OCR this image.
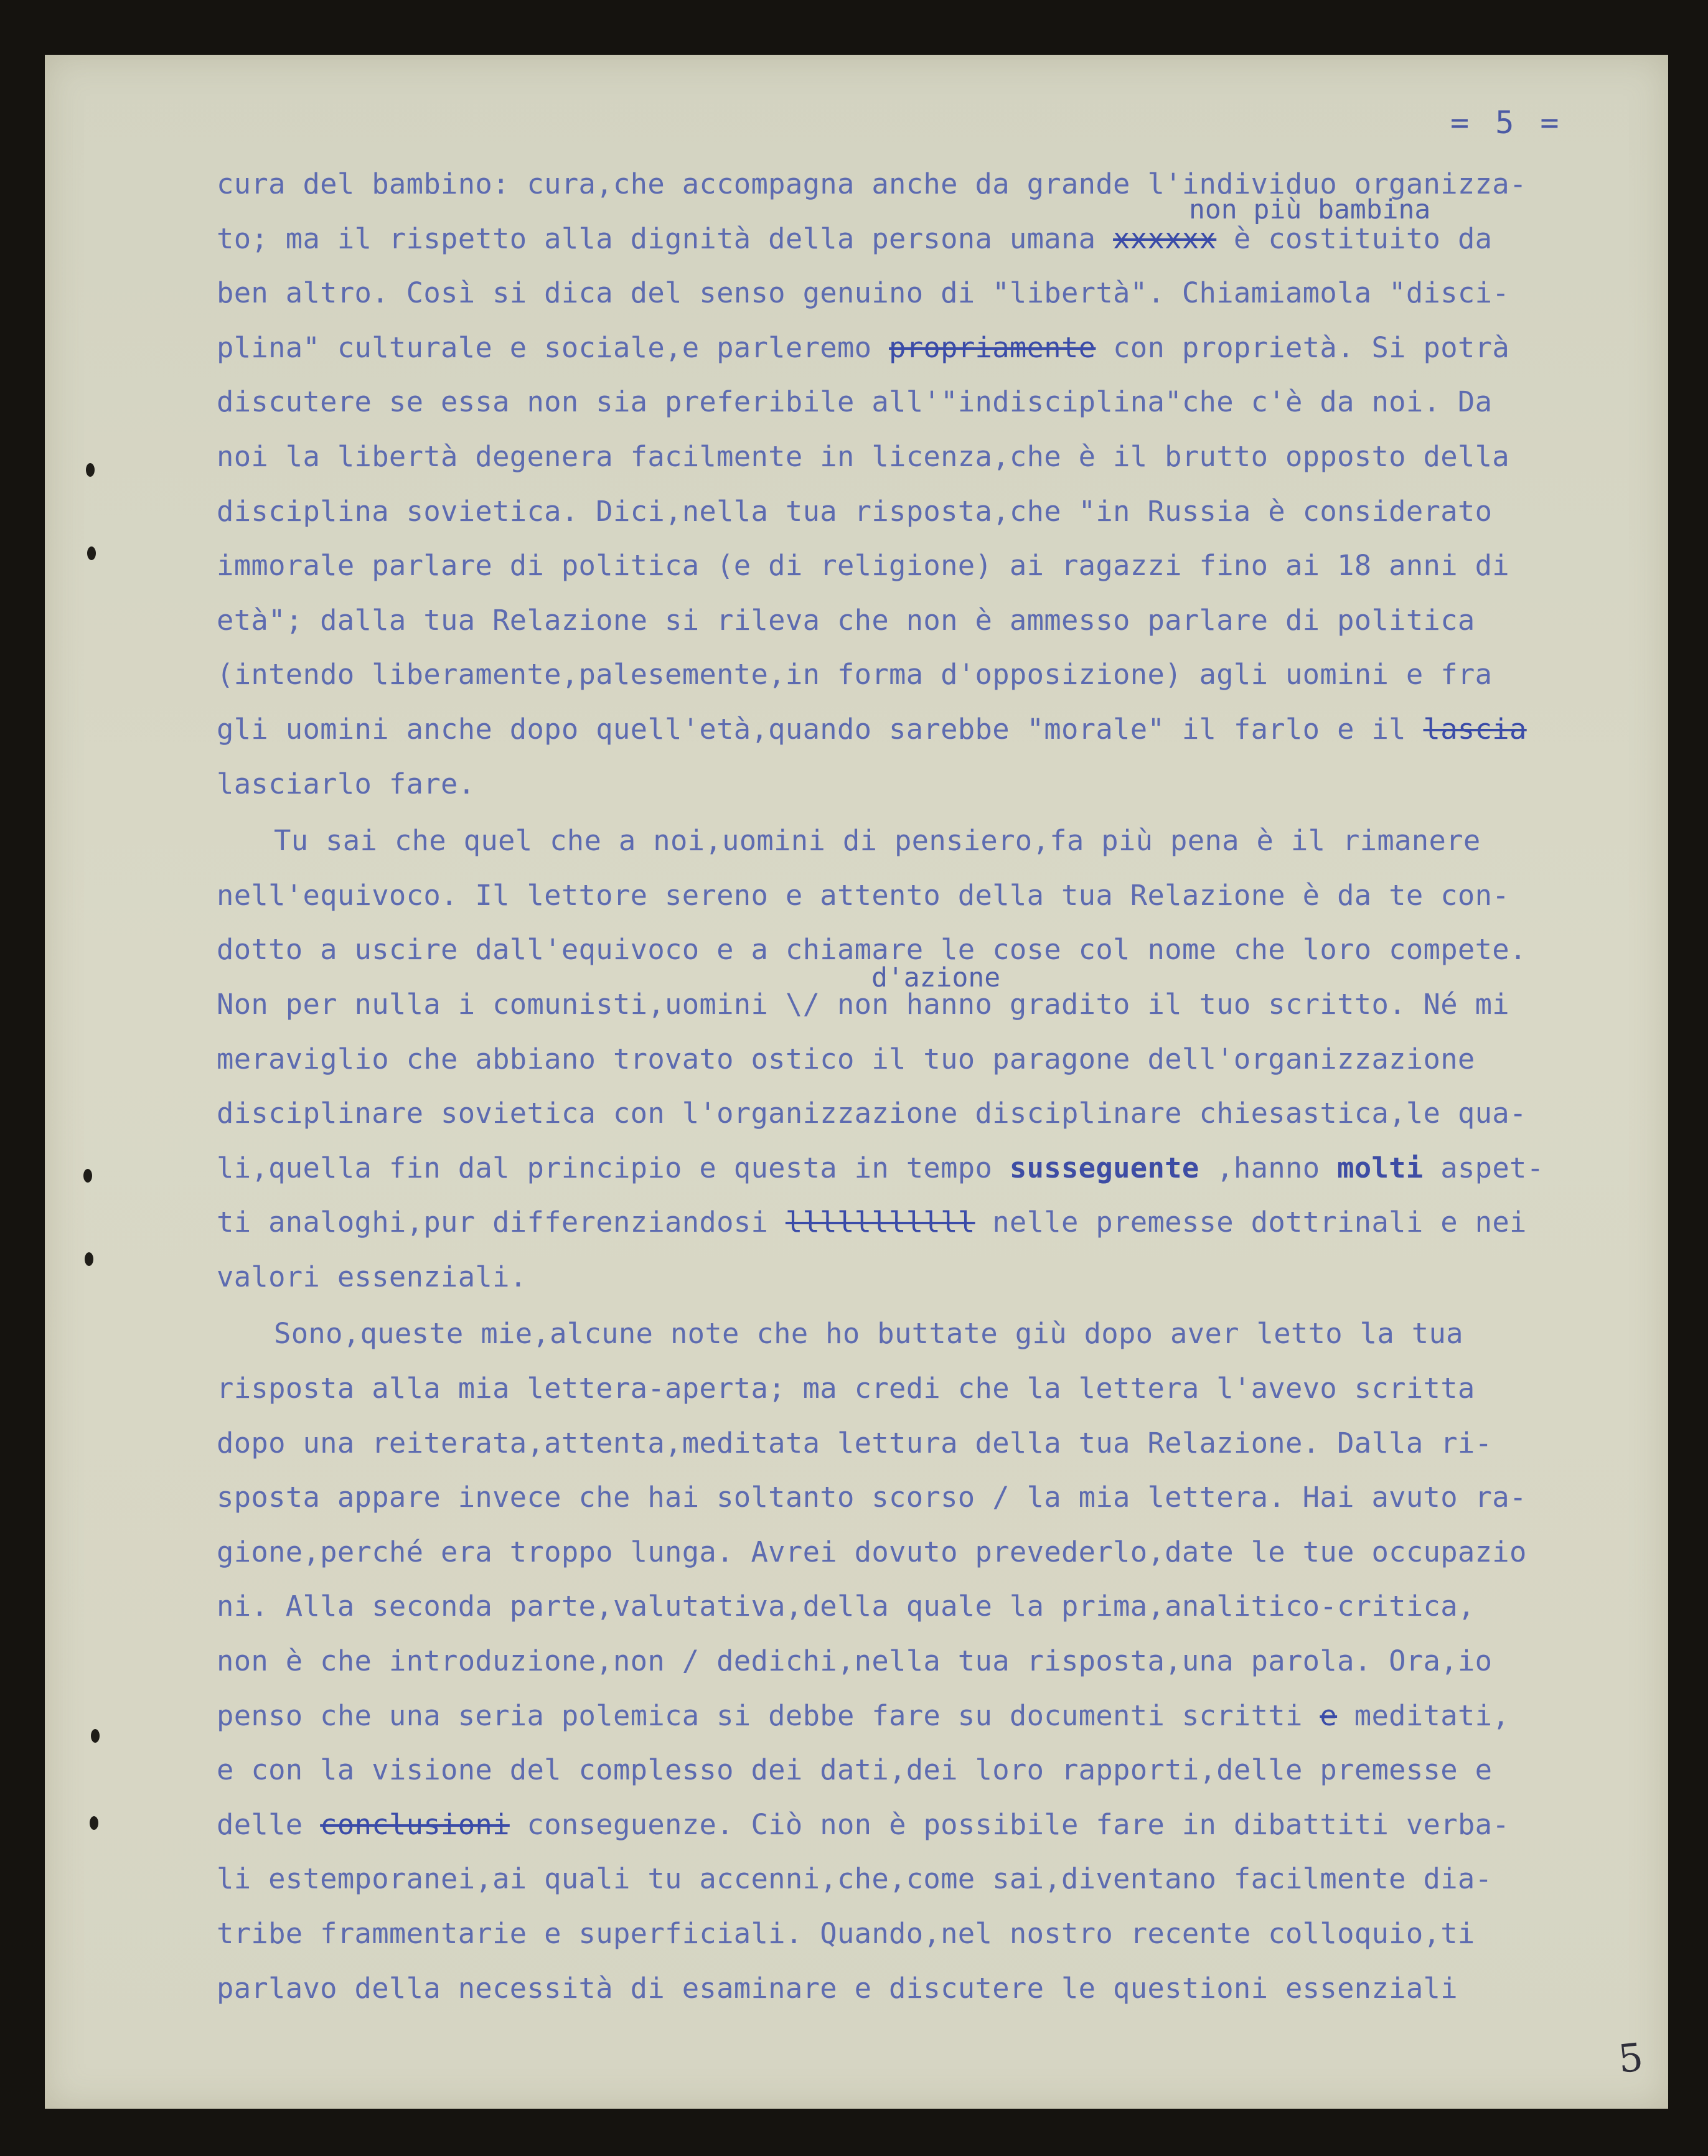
= 5 =
non più bambina
d'azione
cura del bambino: cura,che accompagna anche da grande l'individuo organizza-
to; ma il rispetto alla dignità della persona umana xxxxxx è costituito da
ben altro. Così si dica del senso genuino di "libertà". Chiamiamola "disci-
plina" culturale e sociale,e parleremo propriamente con proprietà. Si potrà
discutere se essa non sia preferibile all'"indisciplina"che c'è da noi. Da
noi la libertà degenera facilmente in licenza,che è il brutto opposto della
disciplina sovietica. Dici,nella tua risposta,che "in Russia è considerato
immorale parlare di politica (e di religione) ai ragazzi fino ai 18 anni di
età"; dalla tua Relazione si rileva che non è ammesso parlare di politica
(intendo liberamente,palesemente,in forma d'opposizione) agli uomini e fra
gli uomini anche dopo quell'età,quando sarebbe "morale" il farlo e il lascia
lasciarlo fare.
Tu sai che quel che a noi,uomini di pensiero,fa più pena è il rimanere
nell'equivoco. Il lettore sereno e attento della tua Relazione è da te con-
dotto a uscire dall'equivoco e a chiamare le cose col nome che loro compete.
Non per nulla i comunisti,uomini \/ non hanno gradito il tuo scritto. Né mi
meraviglio che abbiano trovato ostico il tuo paragone dell'organizzazione
disciplinare sovietica con l'organizzazione disciplinare chiesastica,le qua-
li,quella fin dal principio e questa in tempo susseguente ,hanno molti aspet-
ti analoghi,pur differenziandosi lllllllllll nelle premesse dottrinali e nei
valori essenziali.
Sono,queste mie,alcune note che ho buttate giù dopo aver letto la tua
risposta alla mia lettera-aperta; ma credi che la lettera l'avevo scritta
dopo una reiterata,attenta,meditata lettura della tua Relazione. Dalla ri-
sposta appare invece che hai soltanto scorso / la mia lettera. Hai avuto ra-
gione,perché era troppo lunga. Avrei dovuto prevederlo,date le tue occupazio
ni. Alla seconda parte,valutativa,della quale la prima,analitico-critica,
non è che introduzione,non / dedichi,nella tua risposta,una parola. Ora,io
penso che una seria polemica si debbe fare su documenti scritti e meditati,
e con la visione del complesso dei dati,dei loro rapporti,delle premesse e
delle conclusioni conseguenze. Ciò non è possibile fare in dibattiti verba-
li estemporanei,ai quali tu accenni,che,come sai,diventano facilmente dia-
tribe frammentarie e superficiali. Quando,nel nostro recente colloquio,ti
parlavo della necessità di esaminare e discutere le questioni essenziali
5
